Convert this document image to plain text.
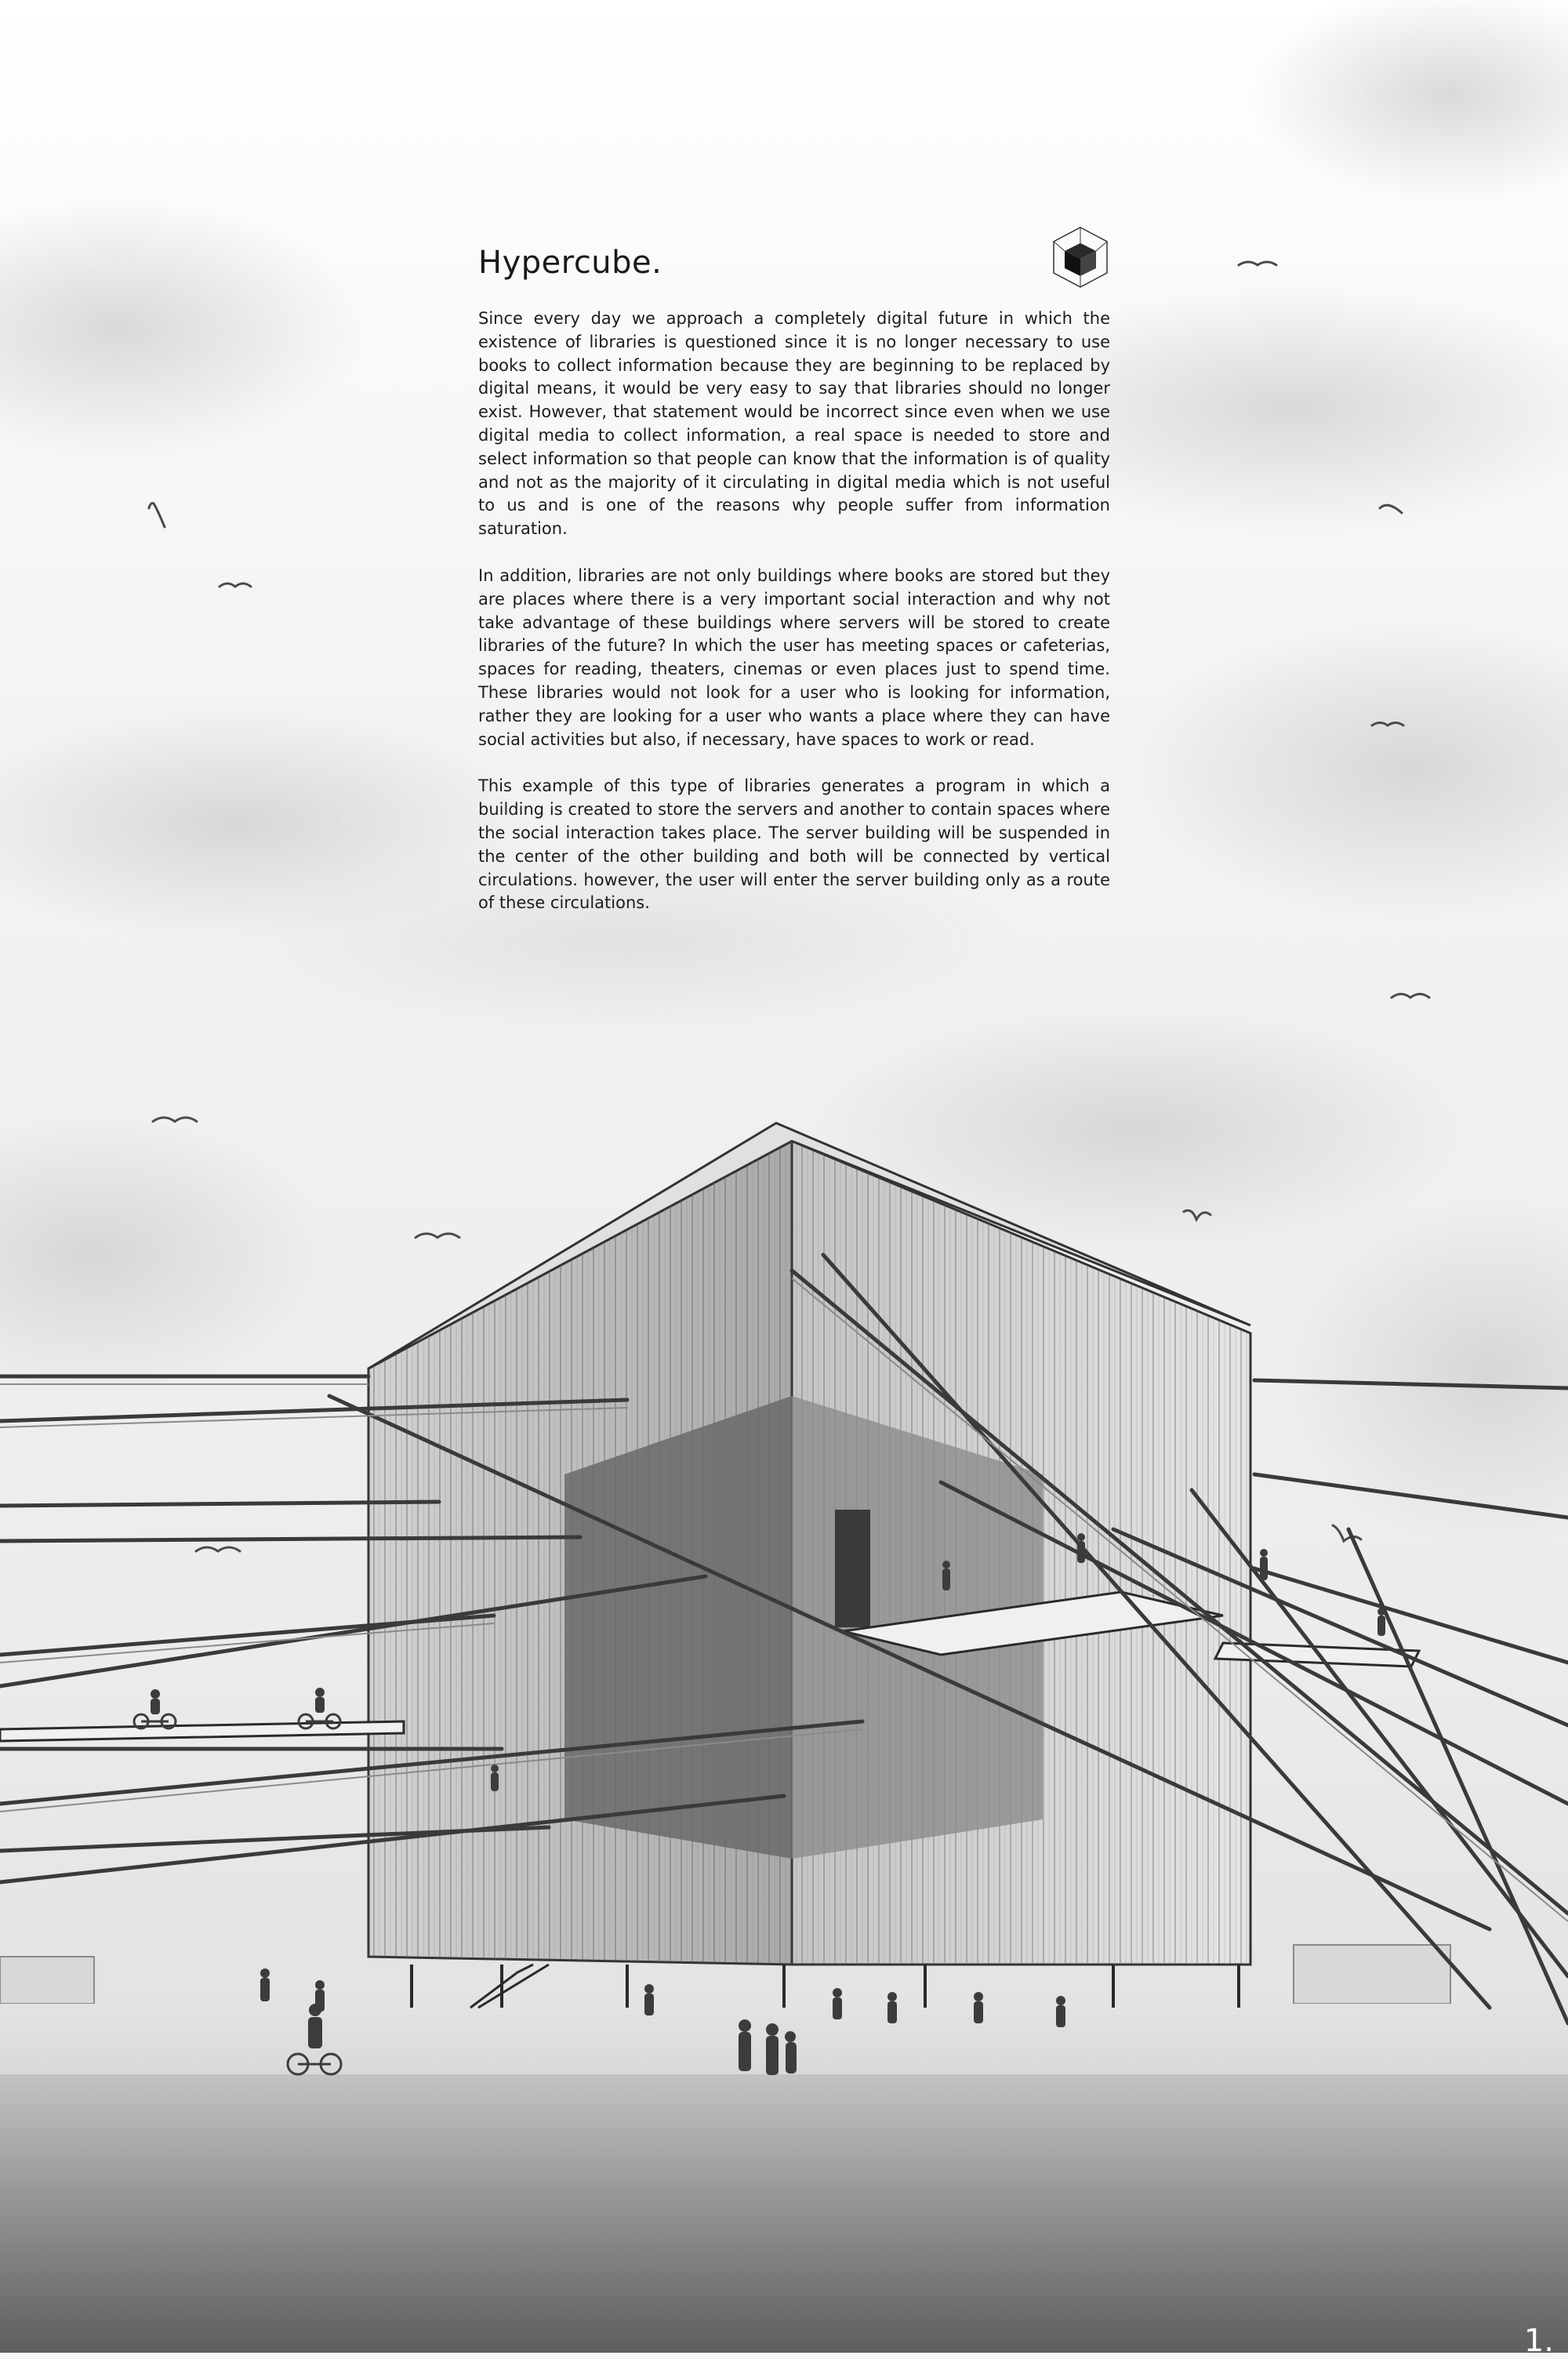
Hypercube.

Since every day we approach a completely digital future in which the existence of libraries is questioned since it is no longer necessary to use books to collect information because they are beginning to be replaced by digital means, it would be very easy to say that libraries should no longer exist. However, that statement would be incorrect since even when we use digital media to collect information, a real space is needed to store and select information so that people can know that the information is of quality and not as the majority of it circulating in digital media which is not useful to us and is one of the reasons why people suffer from information saturation.

In addition, libraries are not only buildings where books are stored but they are places where there is a very important social interaction and why not take advantage of these buildings where servers will be stored to create libraries of the future? In which the user has meeting spaces or cafeterias, spaces for reading, theaters, cinemas or even places just to spend time. These libraries would not look for a user who is looking for information, rather they are looking for a user who wants a place where they can have social activities but also, if necessary, have spaces to work or read.

This example of this type of libraries generates a program in which a building is created to store the servers and another to contain spaces where the social interaction takes place. The server building will be suspended in the center of the other building and both will be connected by vertical circulations. however, the user will enter the server building only as a route of these circulations.

1.
